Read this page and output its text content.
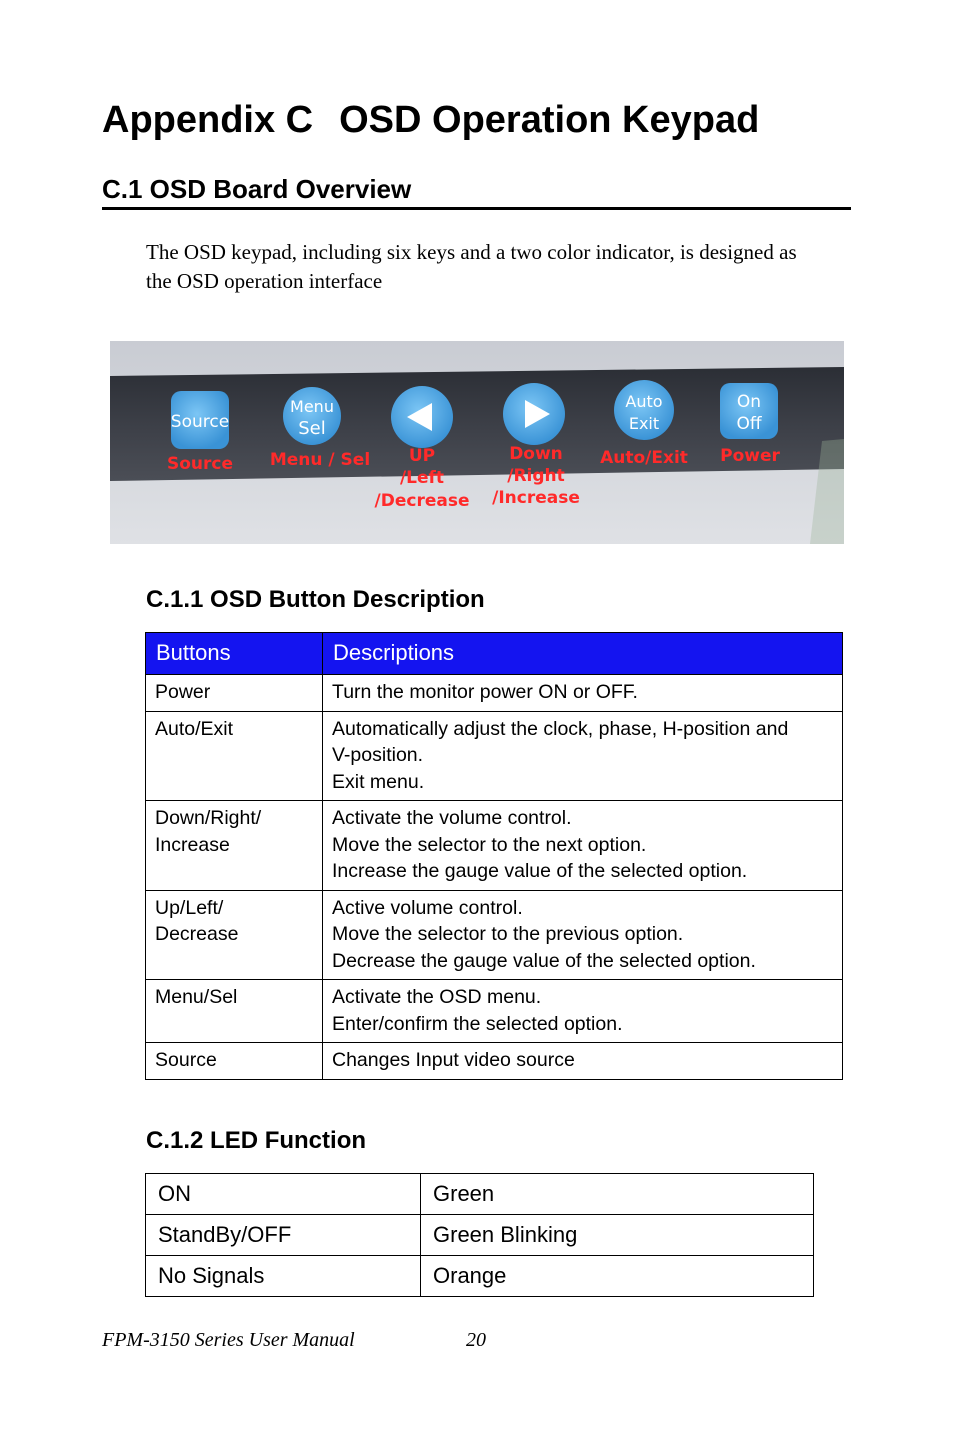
Appendix C OSD Operation Keypad
C.1 OSD Board Overview

The OSD keypad, including six keys and a two color indicator, is designed as the OSD operation interface

Source
Source
Menu
Sel
Menu / Sel UP
/Left
/Decrease
Down
/Right
/Increase
Auto
Exit
Auto/Exit
On
Off
Power
C.1.1 OSD Button Description
Buttons	Descriptions
Power	Turn the monitor power ON or OFF.
Auto/Exit	Automatically adjust the clock, phase, H-position and
V-position.
Exit menu.
Down/Right/
Increase	Activate the volume control.
Move the selector to the next option.
Increase the gauge value of the selected option.
Up/Left/
Decrease	Active volume control.
Move the selector to the previous option.
Decrease the gauge value of the selected option.
Menu/Sel	Activate the OSD menu.
Enter/confirm the selected option.
Source	Changes Input video source
C.1.2 LED Function
ON	Green
StandBy/OFF	Green Blinking
No Signals	Orange

FPM-3150 Series User Manual	20
